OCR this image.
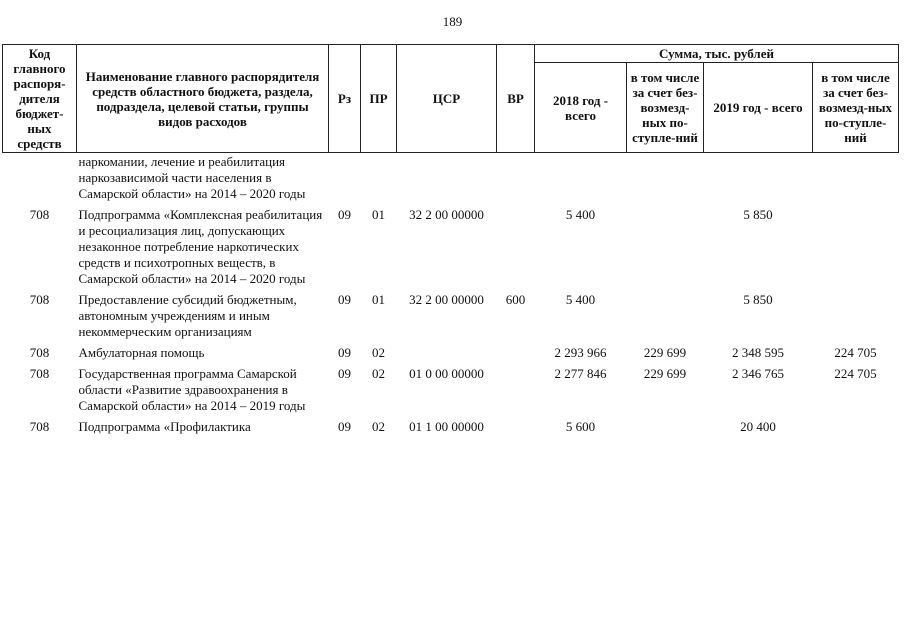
189
Код главного распоря-дителя бюджет-ных средств	Наименование главного распорядителя средств областного бюджета, раздела, подраздела, целевой статьи, группы видов расходов	Рз	ПР	ЦСР	ВР	Сумма, тыс. рублей			
						2018 год - всего	в том числе за счет без-возмезд-ных по-ступле-ний	2019 год - всего	в том числе за счет без-возмезд-ных по-ступле-ний
	наркомании, лечение и реабилитация наркозависимой части населения в Самарской области» на 2014 – 2020 годы								
708	Подпрограмма «Комплексная реабилитация и ресоциализация лиц, допускающих незаконное потребление наркотических средств и психотропных веществ, в Самарской области» на 2014 – 2020 годы	09	01	32 2 00 00000		5 400		5 850	
708	Предоставление субсидий бюджетным, автономным учреждениям и иным некоммерческим организациям	09	01	32 2 00 00000	600	5 400		5 850	
708	Амбулаторная помощь	09	02			2 293 966	229 699	2 348 595	224 705
708	Государственная программа Самарской области «Развитие здравоохранения в Самарской области» на 2014 – 2019 годы	09	02	01 0 00 00000		2 277 846	229 699	2 346 765	224 705
708	Подпрограмма «Профилактика	09	02	01 1 00 00000		5 600		20 400	
